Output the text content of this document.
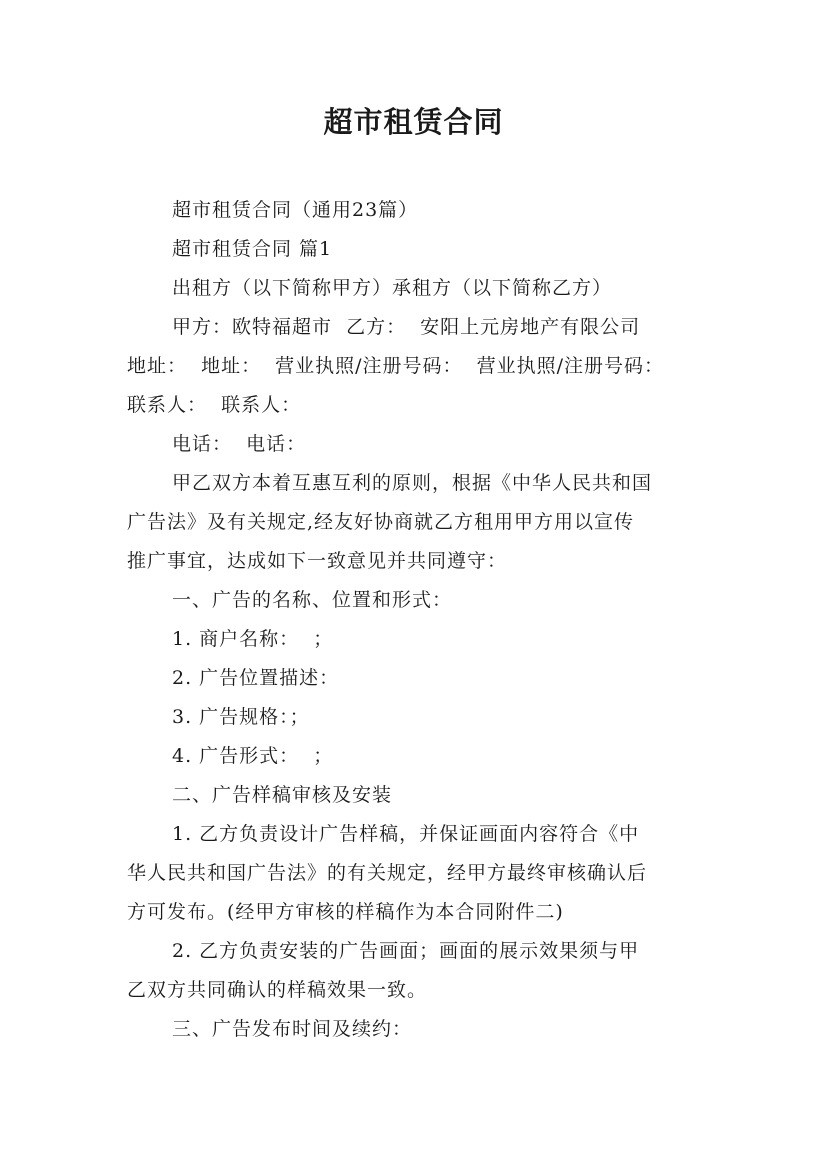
超市租赁合同

超市租赁合同（通用23篇）

超市租赁合同 篇1

出租方（以下简称甲方）承租方（以下简称乙方）

甲方：欧特福超市  乙方：  安阳上元房地产有限公司

地址：  地址：  营业执照/注册号码：  营业执照/注册号码：

联系人：  联系人：

电话：  电话：

甲乙双方本着互惠互利的原则，根据《中华人民共和国

广告法》及有关规定,经友好协商就乙方租用甲方用以宣传

推广事宜，达成如下一致意见并共同遵守：

一、广告的名称、位置和形式：

1. 商户名称：  ；

2. 广告位置描述：

3. 广告规格：；

4. 广告形式：  ；

二、广告样稿审核及安装

1. 乙方负责设计广告样稿，并保证画面内容符合《中

华人民共和国广告法》的有关规定，经甲方最终审核确认后

方可发布。(经甲方审核的样稿作为本合同附件二)

2. 乙方负责安装的广告画面；画面的展示效果须与甲

乙双方共同确认的样稿效果一致。

三、广告发布时间及续约：
